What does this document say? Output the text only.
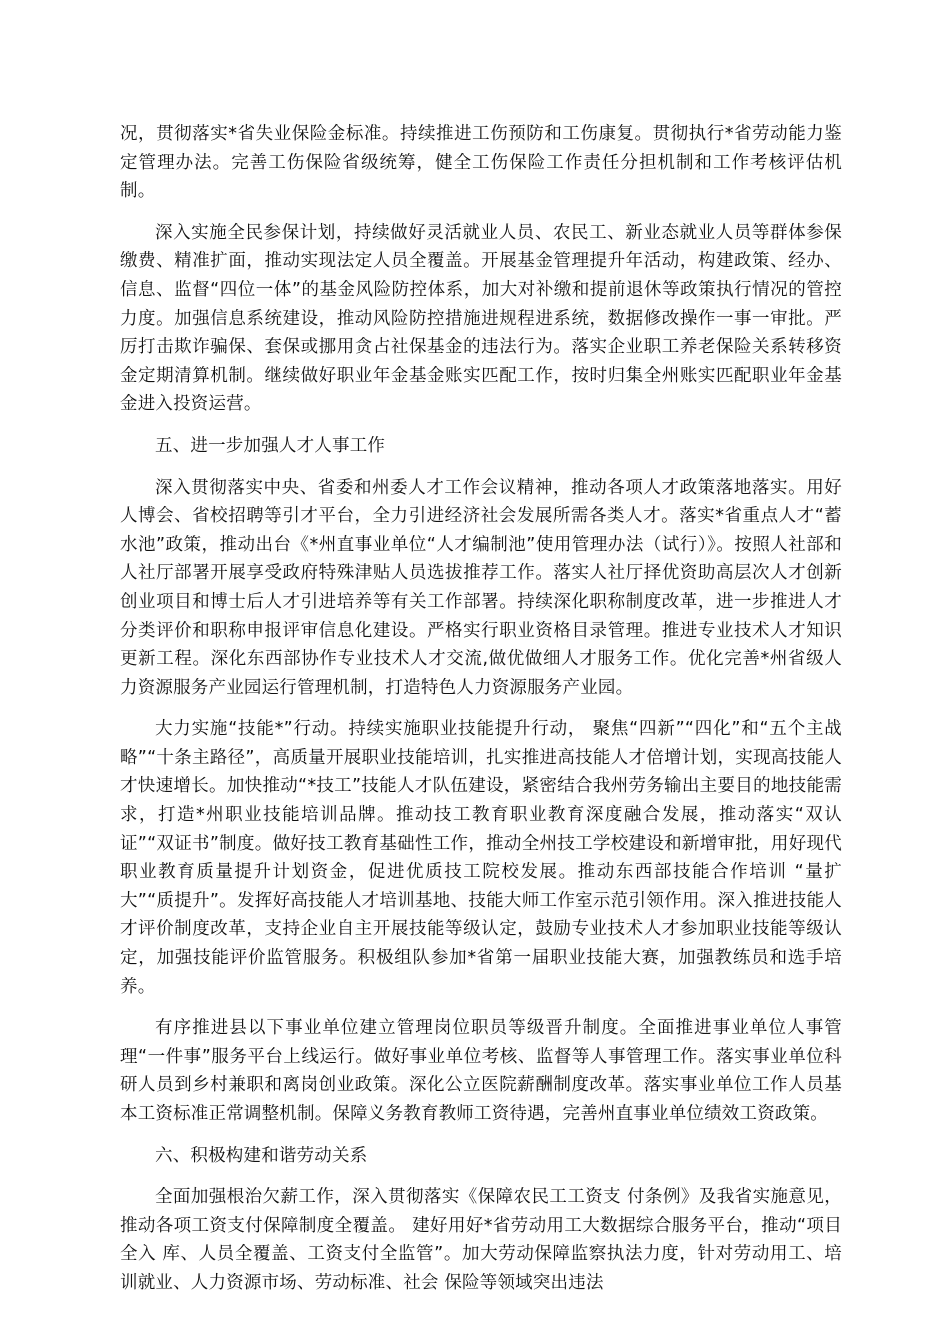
况，贯彻落实*省失业保险金标准。持续推进工伤预防和工伤康复。贯彻执行*省劳动能力鉴定管理办法。完善工伤保险省级统筹，健全工伤保险工作责任分担机制和工作考核评估机制。

深入实施全民参保计划，持续做好灵活就业人员、农民工、新业态就业人员等群体参保缴费、精准扩面，推动实现法定人员全覆盖。开展基金管理提升年活动，构建政策、经办、信息、监督“四位一体”的基金风险防控体系，加大对补缴和提前退休等政策执行情况的管控力度。加强信息系统建设，推动风险防控措施进规程进系统，数据修改操作一事一审批。严厉打击欺诈骗保、套保或挪用贪占社保基金的违法行为。落实企业职工养老保险关系转移资金定期清算机制。继续做好职业年金基金账实匹配工作，按时归集全州账实匹配职业年金基金进入投资运营。

五、进一步加强人才人事工作

深入贯彻落实中央、省委和州委人才工作会议精神，推动各项人才政策落地落实。用好人博会、省校招聘等引才平台，全力引进经济社会发展所需各类人才。落实*省重点人才“蓄水池”政策，推动出台《*州直事业单位“人才编制池”使用管理办法（试行）》。按照人社部和人社厅部署开展享受政府特殊津贴人员选拔推荐工作。落实人社厅择优资助高层次人才创新创业项目和博士后人才引进培养等有关工作部署。持续深化职称制度改革，进一步推进人才分类评价和职称申报评审信息化建设。严格实行职业资格目录管理。推进专业技术人才知识更新工程。深化东西部协作专业技术人才交流,做优做细人才服务工作。优化完善*州省级人力资源服务产业园运行管理机制，打造特色人力资源服务产业园。

大力实施“技能*”行动。持续实施职业技能提升行动， 聚焦“四新”“四化”和“五个主战略”“十条主路径”，高质量开展职业技能培训，扎实推进高技能人才倍增计划，实现高技能人才快速增长。加快推动“*技工”技能人才队伍建设，紧密结合我州劳务输出主要目的地技能需求，打造*州职业技能培训品牌。推动技工教育职业教育深度融合发展，推动落实“双认证”“双证书”制度。做好技工教育基础性工作，推动全州技工学校建设和新增审批，用好现代职业教育质量提升计划资金，促进优质技工院校发展。推动东西部技能合作培训 “量扩大”“质提升”。发挥好高技能人才培训基地、技能大师工作室示范引领作用。深入推进技能人才评价制度改革，支持企业自主开展技能等级认定，鼓励专业技术人才参加职业技能等级认定，加强技能评价监管服务。积极组队参加*省第一届职业技能大赛，加强教练员和选手培养。

有序推进县以下事业单位建立管理岗位职员等级晋升制度。全面推进事业单位人事管理“一件事”服务平台上线运行。做好事业单位考核、监督等人事管理工作。落实事业单位科研人员到乡村兼职和离岗创业政策。深化公立医院薪酬制度改革。落实事业单位工作人员基本工资标准正常调整机制。保障义务教育教师工资待遇，完善州直事业单位绩效工资政策。

六、积极构建和谐劳动关系

全面加强根治欠薪工作，深入贯彻落实《保障农民工工资支 付条例》及我省实施意见，推动各项工资支付保障制度全覆盖。 建好用好*省劳动用工大数据综合服务平台，推动“项目全入 库、人员全覆盖、工资支付全监管”。加大劳动保障监察执法力度，针对劳动用工、培训就业、人力资源市场、劳动标准、社会 保险等领域突出违法
